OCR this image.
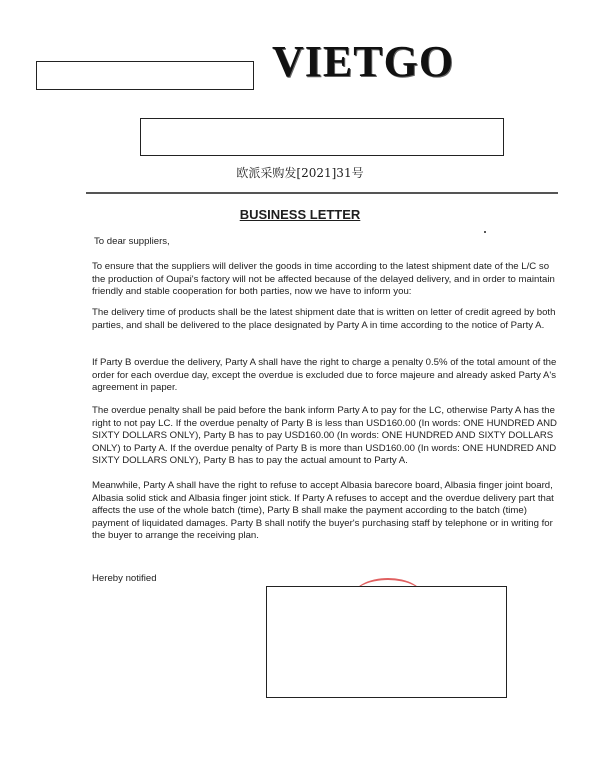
VIETGO
欧派采购发[2021]31号
BUSINESS LETTER

To dear suppliers,

To ensure that the suppliers will deliver the goods in time according to the latest shipment date of the L/C so the production of Oupai's factory will not be affected because of the delayed delivery, and in order to maintain friendly and stable cooperation for both parties, now we have to inform you:

The delivery time of products shall be the latest shipment date that is written on letter of credit agreed by both parties, and shall be delivered to the place designated by Party A in time according to the notice of Party A.

If Party B overdue the delivery, Party A shall have the right to charge a penalty 0.5% of the total amount of the order for each overdue day, except the overdue is excluded due to force majeure and already asked Party A's agreement in paper.

The overdue penalty shall be paid before the bank inform Party A to pay for the LC, otherwise Party A has the right to not pay LC. If the overdue penalty of Party B is less than USD160.00 (In words: ONE HUNDRED AND SIXTY DOLLARS ONLY), Party B has to pay USD160.00 (In words: ONE HUNDRED AND SIXTY DOLLARS ONLY) to Party A. If the overdue penalty of Party B is more than USD160.00 (In words: ONE HUNDRED AND SIXTY DOLLARS ONLY), Party B has to pay the actual amount to Party A.

Meanwhile, Party A shall have the right to refuse to accept Albasia barecore board, Albasia finger joint board, Albasia solid stick and Albasia finger joint stick. If Party A refuses to accept and the overdue delivery part that affects the use of the whole batch (time), Party B shall make the payment according to the batch (time) payment of liquidated damages. Party B shall notify the buyer's purchasing staff by telephone or in writing for the buyer to arrange the receiving plan.

Hereby notified
